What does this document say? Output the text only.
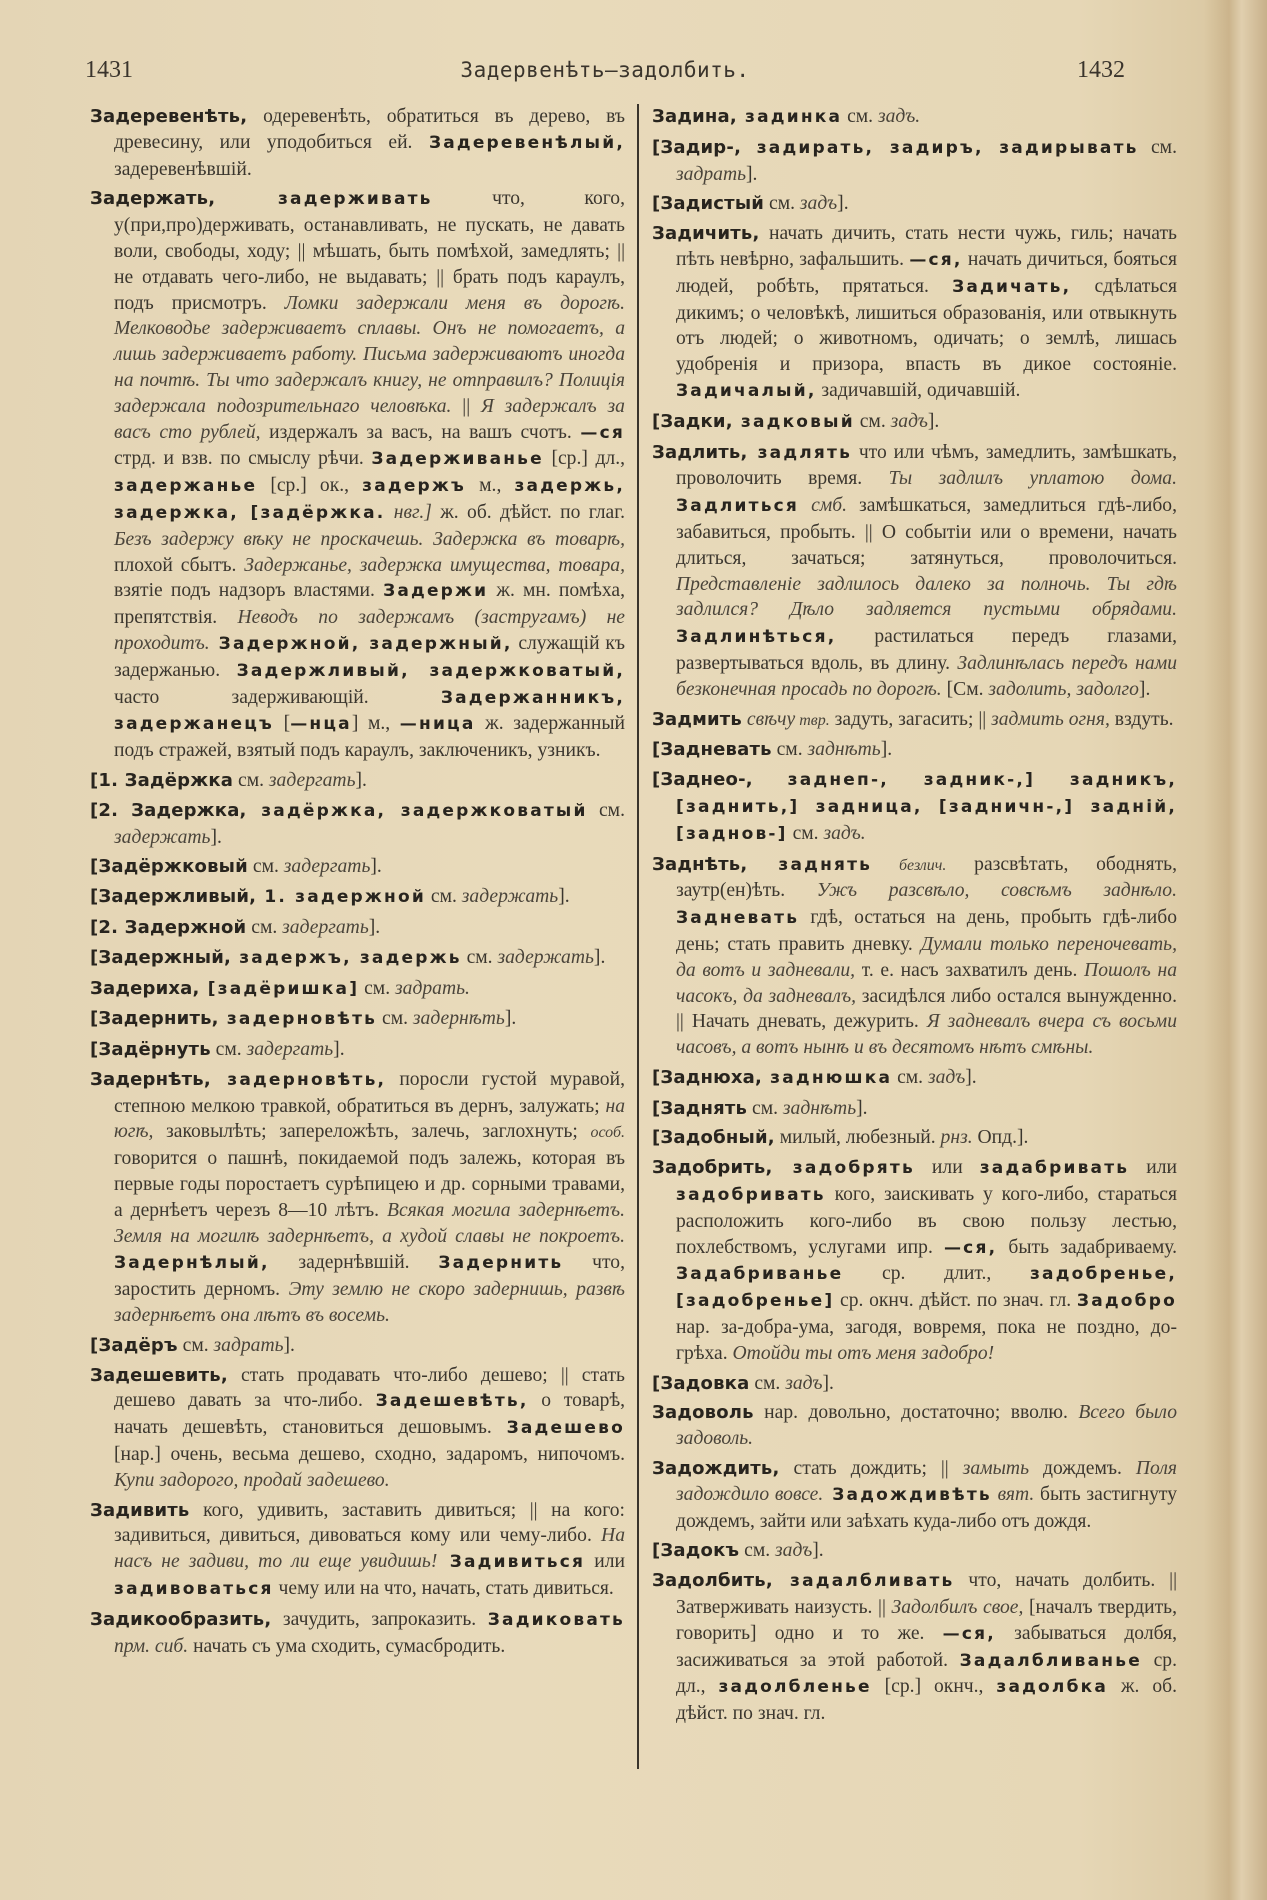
1431	Задервенѣть—задолбить.	1432

Задеревенѣть, одеревенѣть, обратиться въ дерево, въ древесину, или уподобиться ей. Задеревенѣлый, задеревенѣвшій.

Задержать, задерживать что, кого, у(при,про)держивать, останавливать, не пускать, не давать воли, свободы, ходу; || мѣшать, быть помѣхой, замедлять; || не отдавать чего-либо, не выдавать; || брать подъ караулъ, подъ присмотръ. Ломки задержали меня въ дорогѣ. Мелководье задерживаетъ сплавы. Онъ не помогаетъ, а лишь задерживаетъ работу. Письма задерживаютъ иногда на почтѣ. Ты что задержалъ книгу, не отправилъ? Полиція задержала подозрительнаго человѣка. || Я задержалъ за васъ сто рублей, издержалъ за васъ, на вашъ счотъ. —ся стрд. и взв. по смыслу рѣчи. Задерживанье [ср.] дл., задержанье [ср.] ок., задержъ м., задержь, задержка, [задёржка. нвг.] ж. об. дѣйст. по глаг. Безъ задержу вѣку не проскачешь. Задержка въ товарѣ, плохой сбытъ. Задержанье, задержка имущества, товара, взятіе подъ надзоръ властями. Задержи ж. мн. помѣха, препятствія. Неводъ по задержамъ (застругамъ) не проходитъ. Задержной, задержный, служащій къ задержанью. Задержливый, задержковатый, часто задерживающій. Задержанникъ, задержанецъ [—нца] м., —ница ж. задержанный подъ стражей, взятый подъ караулъ, заключеникъ, узникъ.

[1. Задёржка см. задергать].

[2. Задержка, задёржка, задержковатый см. задержать].

[Задёржковый см. задергать].

[Задержливый, 1. задержной см. задержать].

[2. Задержной см. задергать].

[Задержный, задержъ, задержь см. задержать].

Задериха, [задёришка] см. задрать.

[Задернить, задерновѣть см. задернѣть].

[Задёрнуть см. задергать].

Задернѣть, задерновѣть, поросли густой муравой, степною мелкою травкой, обратиться въ дернъ, залужать; на югѣ, заковылѣть; запереложѣть, залечь, заглохнуть; особ. говорится о пашнѣ, покидаемой подъ залежь, которая въ первые годы поростаетъ сурѣпицею и др. сорными травами, а дернѣетъ черезъ 8—10 лѣтъ. Всякая могила задернѣетъ. Земля на могилѣ задернѣетъ, а худой славы не покроетъ. Задернѣлый, задернѣвшій. Задернить что, заростить дерномъ. Эту землю не скоро задернишь, развѣ задернѣетъ она лѣтъ въ восемь.

[Задёръ см. задрать].

Задешевить, стать продавать что-либо дешево; || стать дешево давать за что-либо. Задешевѣть, о товарѣ, начать дешевѣть, становиться дешовымъ. Задешево [нар.] очень, весьма дешево, сходно, задаромъ, нипочомъ. Купи задорого, продай задешево.

Задивить кого, удивить, заставить дивиться; || на кого: задивиться, дивиться, дивоваться кому или чему-либо. На насъ не задиви, то ли еще увидишь! Задивиться или задивоваться чему или на что, начать, стать дивиться.

Задикообразить, зачудить, запроказить. Задиковать прм. сиб. начать съ ума сходить, сумасбродить.

Задина, задинка см. задъ.

[Задир-, задирать, задиръ, задирывать см. задрать].

[Задистый см. задъ].

Задичить, начать дичить, стать нести чужь, гиль; начать пѣть невѣрно, зафальшить. —ся, начать дичиться, бояться людей, робѣть, прятаться. Задичать, сдѣлаться дикимъ; о человѣкѣ, лишиться образованія, или отвыкнуть отъ людей; о животномъ, одичать; о землѣ, лишась удобренія и призора, впасть въ дикое состояніе. Задичалый, задичавшій, одичавшій.

[Задки, задковый см. задъ].

Задлить, задлять что или чѣмъ, замедлить, замѣшкать, проволочить время. Ты задлилъ уплатою дома. Задлиться смб. замѣшкаться, замедлиться гдѣ-либо, забавиться, пробыть. || О событіи или о времени, начать длиться, зачаться; затянуться, проволочиться. Представленіе задлилось далеко за полночь. Ты гдѣ задлился? Дѣло задляется пустыми обрядами. Задлинѣться, растилаться передъ глазами, развертываться вдоль, въ длину. Задлинѣлась передъ нами безконечная просадь по дорогѣ. [См. задолить, задолго].

Задмить свѣчу твр. задуть, загасить; || задмить огня, вздуть.

[Задневать см. заднѣть].

[Заднео-, заднеп-, задник-,] задникъ, [заднить,] задница, [задничн-,] задній, [заднов-] см. задъ.

Заднѣть, заднять безлич. разсвѣтать, ободнять, заутр(ен)ѣть. Ужъ разсвѣло, совсѣмъ заднѣло. Задневать гдѣ, остаться на день, пробыть гдѣ-либо день; стать править дневку. Думали только переночевать, да вотъ и задневали, т. е. насъ захватилъ день. Пошолъ на часокъ, да задневалъ, засидѣлся либо остался вынужденно. || Начать дневать, дежурить. Я задневалъ вчера съ восьми часовъ, а вотъ нынѣ и въ десятомъ нѣтъ смѣны.

[Заднюха, заднюшка см. задъ].

[Заднять см. заднѣть].

[Задобный, милый, любезный. рнз. Опд.].

Задобрить, задобрять или задабривать или задобривать кого, заискивать у кого-либо, стараться расположить кого-либо въ свою пользу лестью, похлебствомъ, услугами ипр. —ся, быть задабриваему. Задабриванье ср. длит., задобренье, [задобренье] ср. окнч. дѣйст. по знач. гл. Задобро нар. за-добра-ума, загодя, вовремя, пока не поздно, до-грѣха. Отойди ты отъ меня задобро!

[Задовка см. задъ].

Задоволь нар. довольно, достаточно; вволю. Всего было задоволь.

Задождить, стать дождить; || замыть дождемъ. Поля задождило вовсе. Задождивѣть вят. быть застигнуту дождемъ, зайти или заѣхать куда-либо отъ дождя.

[Задокъ см. задъ].

Задолбить, задалбливать что, начать долбить. || Затверживать наизусть. || Задолбилъ свое, [началъ твердить, говорить] одно и то же. —ся, забываться долбя, засиживаться за этой работой. Задалбливанье ср. дл., задолбленье [ср.] окнч., задолбка ж. об. дѣйст. по знач. гл.
